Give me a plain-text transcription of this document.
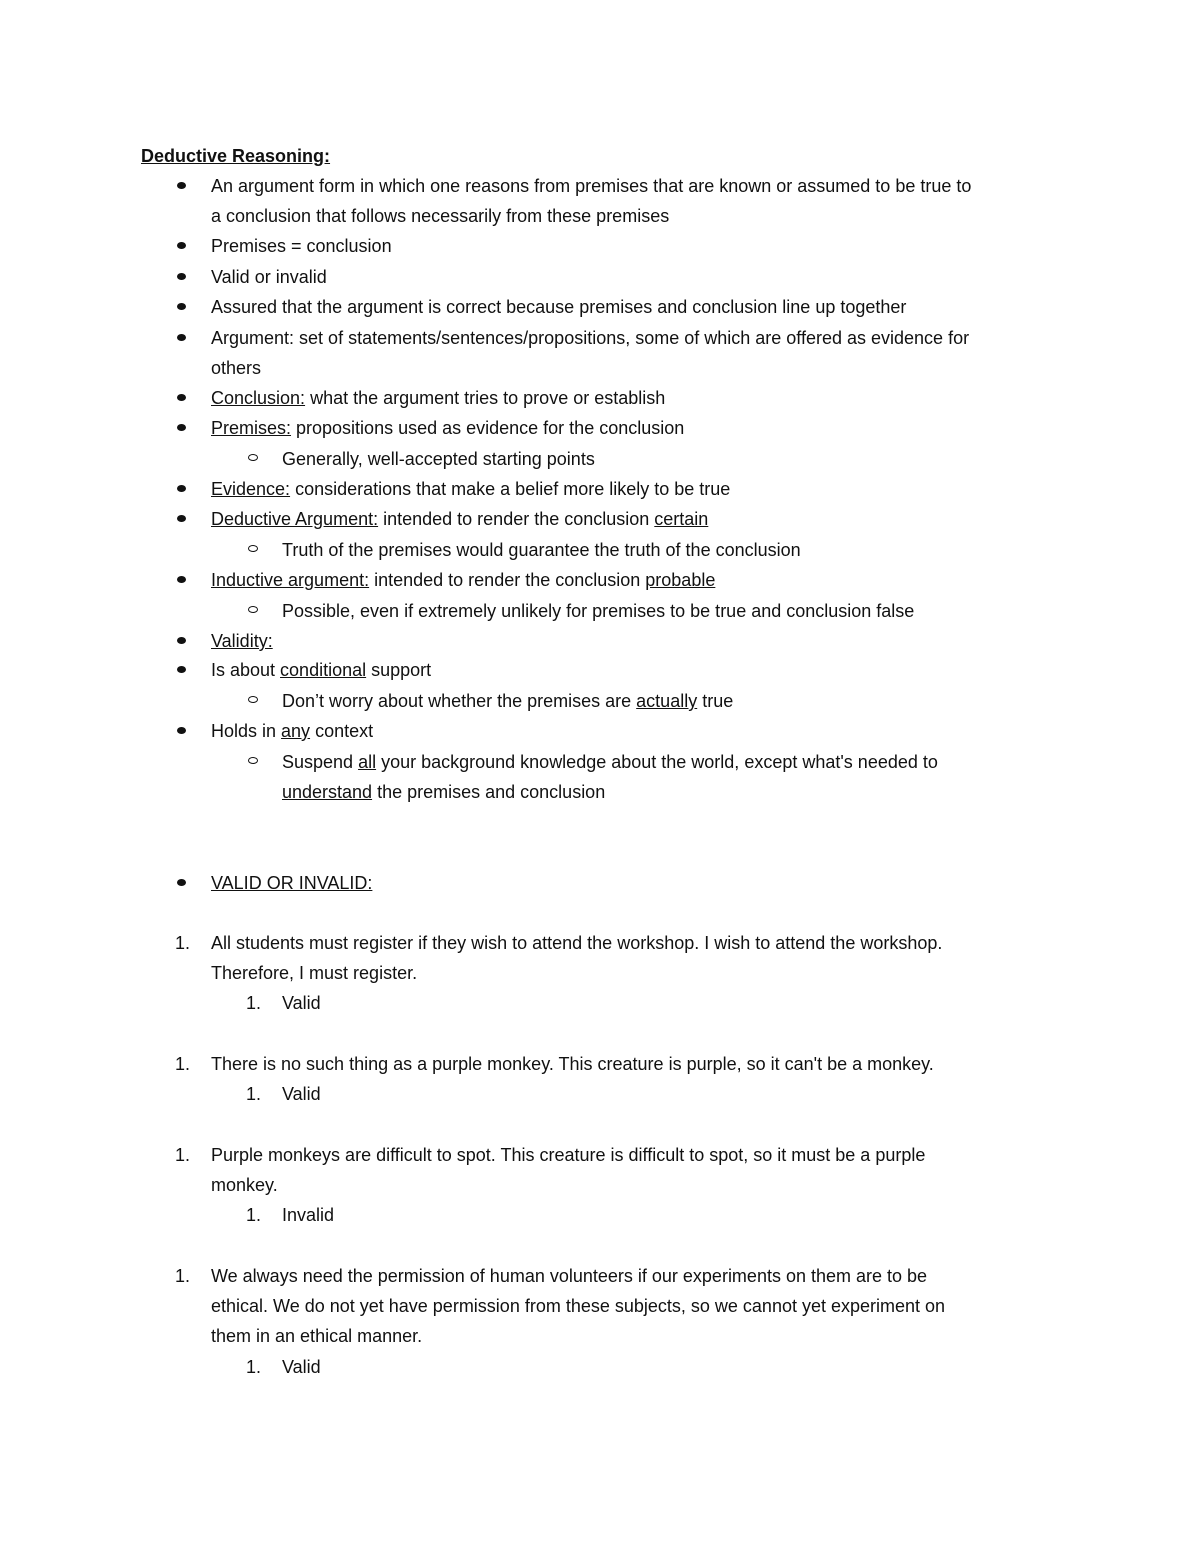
Deductive Reasoning:
An argument form in which one reasons from premises that are known or assumed to be true to
a conclusion that follows necessarily from these premises
Premises = conclusion
Valid or invalid
Assured that the argument is correct because premises and conclusion line up together
Argument: set of statements/sentences/propositions, some of which are offered as evidence for
others
Conclusion: what the argument tries to prove or establish
Premises: propositions used as evidence for the conclusion
Generally, well-accepted starting points
Evidence: considerations that make a belief more likely to be true
Deductive Argument: intended to render the conclusion certain
Truth of the premises would guarantee the truth of the conclusion
Inductive argument: intended to render the conclusion probable
Possible, even if extremely unlikely for premises to be true and conclusion false
Validity:
Is about conditional support
Don’t worry about whether the premises are actually true
Holds in any context
Suspend all your background knowledge about the world, except what's needed to
understand the premises and conclusion
VALID OR INVALID:
1. All students must register if they wish to attend the workshop. I wish to attend the workshop.
Therefore, I must register.
1. Valid
1. There is no such thing as a purple monkey. This creature is purple, so it can't be a monkey.
1. Valid
1. Purple monkeys are difficult to spot. This creature is difficult to spot, so it must be a purple
monkey.
1. Invalid
1. We always need the permission of human volunteers if our experiments on them are to be
ethical. We do not yet have permission from these subjects, so we cannot yet experiment on
them in an ethical manner.
1. Valid
